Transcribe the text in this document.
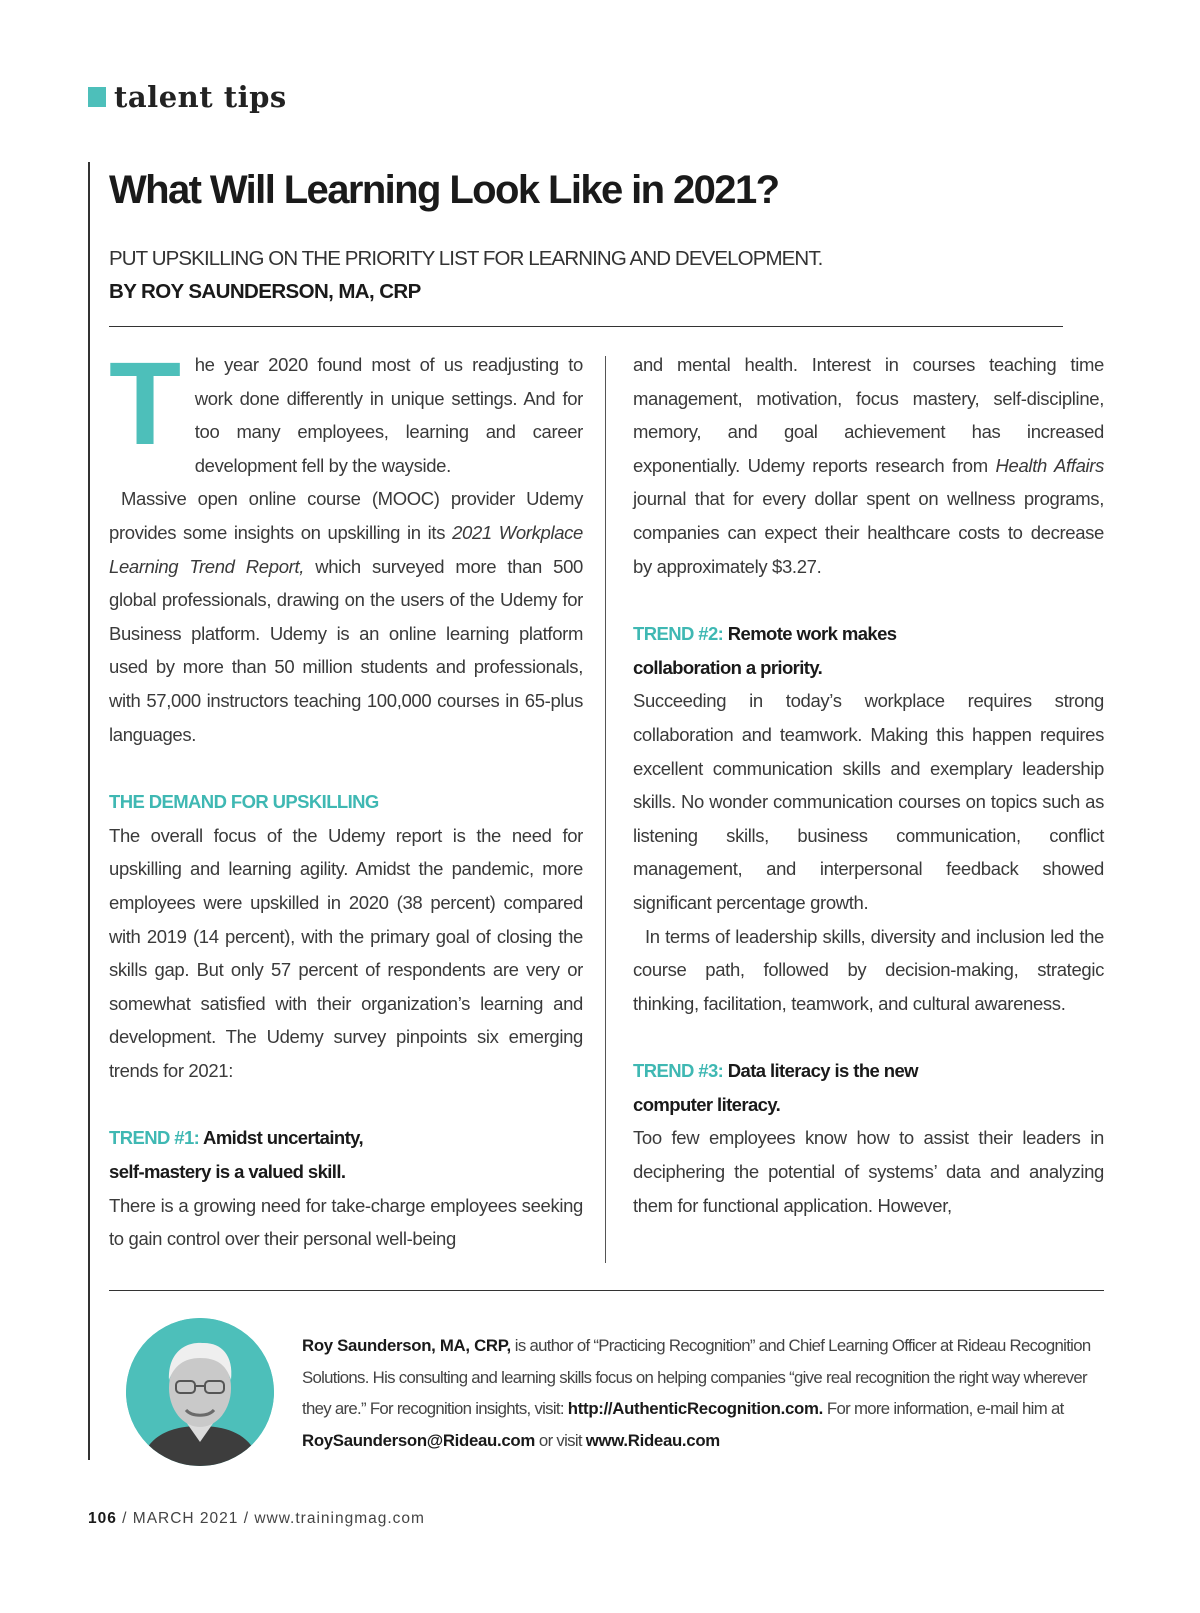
talent tips
What Will Learning Look Like in 2021?

PUT UPSKILLING ON THE PRIORITY LIST FOR LEARNING AND DEVELOPMENT.

BY ROY SAUNDERSON, MA, CRP

The year 2020 found most of us readjusting to work done differently in unique settings. And for too many employees, learning and career development fell by the wayside.

Massive open online course (MOOC) provider Udemy provides some insights on upskilling in its 2021 Workplace Learning Trend Report, which surveyed more than 500 global professionals, drawing on the users of the Udemy for Business platform. Udemy is an online learning platform used by more than 50 million students and professionals, with 57,000 instructors teaching 100,000 courses in 65-plus languages.

THE DEMAND FOR UPSKILLING

The overall focus of the Udemy report is the need for upskilling and learning agility. Amidst the pandemic, more employees were upskilled in 2020 (38 percent) compared with 2019 (14 percent), with the primary goal of closing the skills gap. But only 57 percent of respondents are very or somewhat satisfied with their organization’s learning and development. The Udemy survey pinpoints six emerging trends for 2021:

TREND #1: Amidst uncertainty,
self-mastery is a valued skill.

There is a growing need for take-charge employees seeking to gain control over their personal well-being

and mental health. Interest in courses teaching time management, motivation, focus mastery, self-discipline, memory, and goal achievement has increased exponentially. Udemy reports research from Health Affairs journal that for every dollar spent on wellness programs, companies can expect their healthcare costs to decrease by approximately $3.27.

TREND #2: Remote work makes
collaboration a priority.

Succeeding in today’s workplace requires strong collaboration and teamwork. Making this happen requires excellent communication skills and exemplary leadership skills. No wonder communication courses on topics such as listening skills, business communication, conflict management, and interpersonal feedback showed significant percentage growth.

In terms of leadership skills, diversity and inclusion led the course path, followed by decision-making, strategic thinking, facilitation, teamwork, and cultural awareness.

TREND #3: Data literacy is the new
computer literacy.

Too few employees know how to assist their leaders in deciphering the potential of systems’ data and analyzing them for functional application. However,

Roy Saunderson, MA, CRP, is author of “Practicing Recognition” and Chief Learning Officer at Rideau Recognition Solutions. His consulting and learning skills focus on helping companies “give real recognition the right way wherever they are.” For recognition insights, visit: http://AuthenticRecognition.com. For more information, e-mail him at RoySaunderson@Rideau.com or visit www.Rideau.com
106 / MARCH 2021 / www.trainingmag.com
